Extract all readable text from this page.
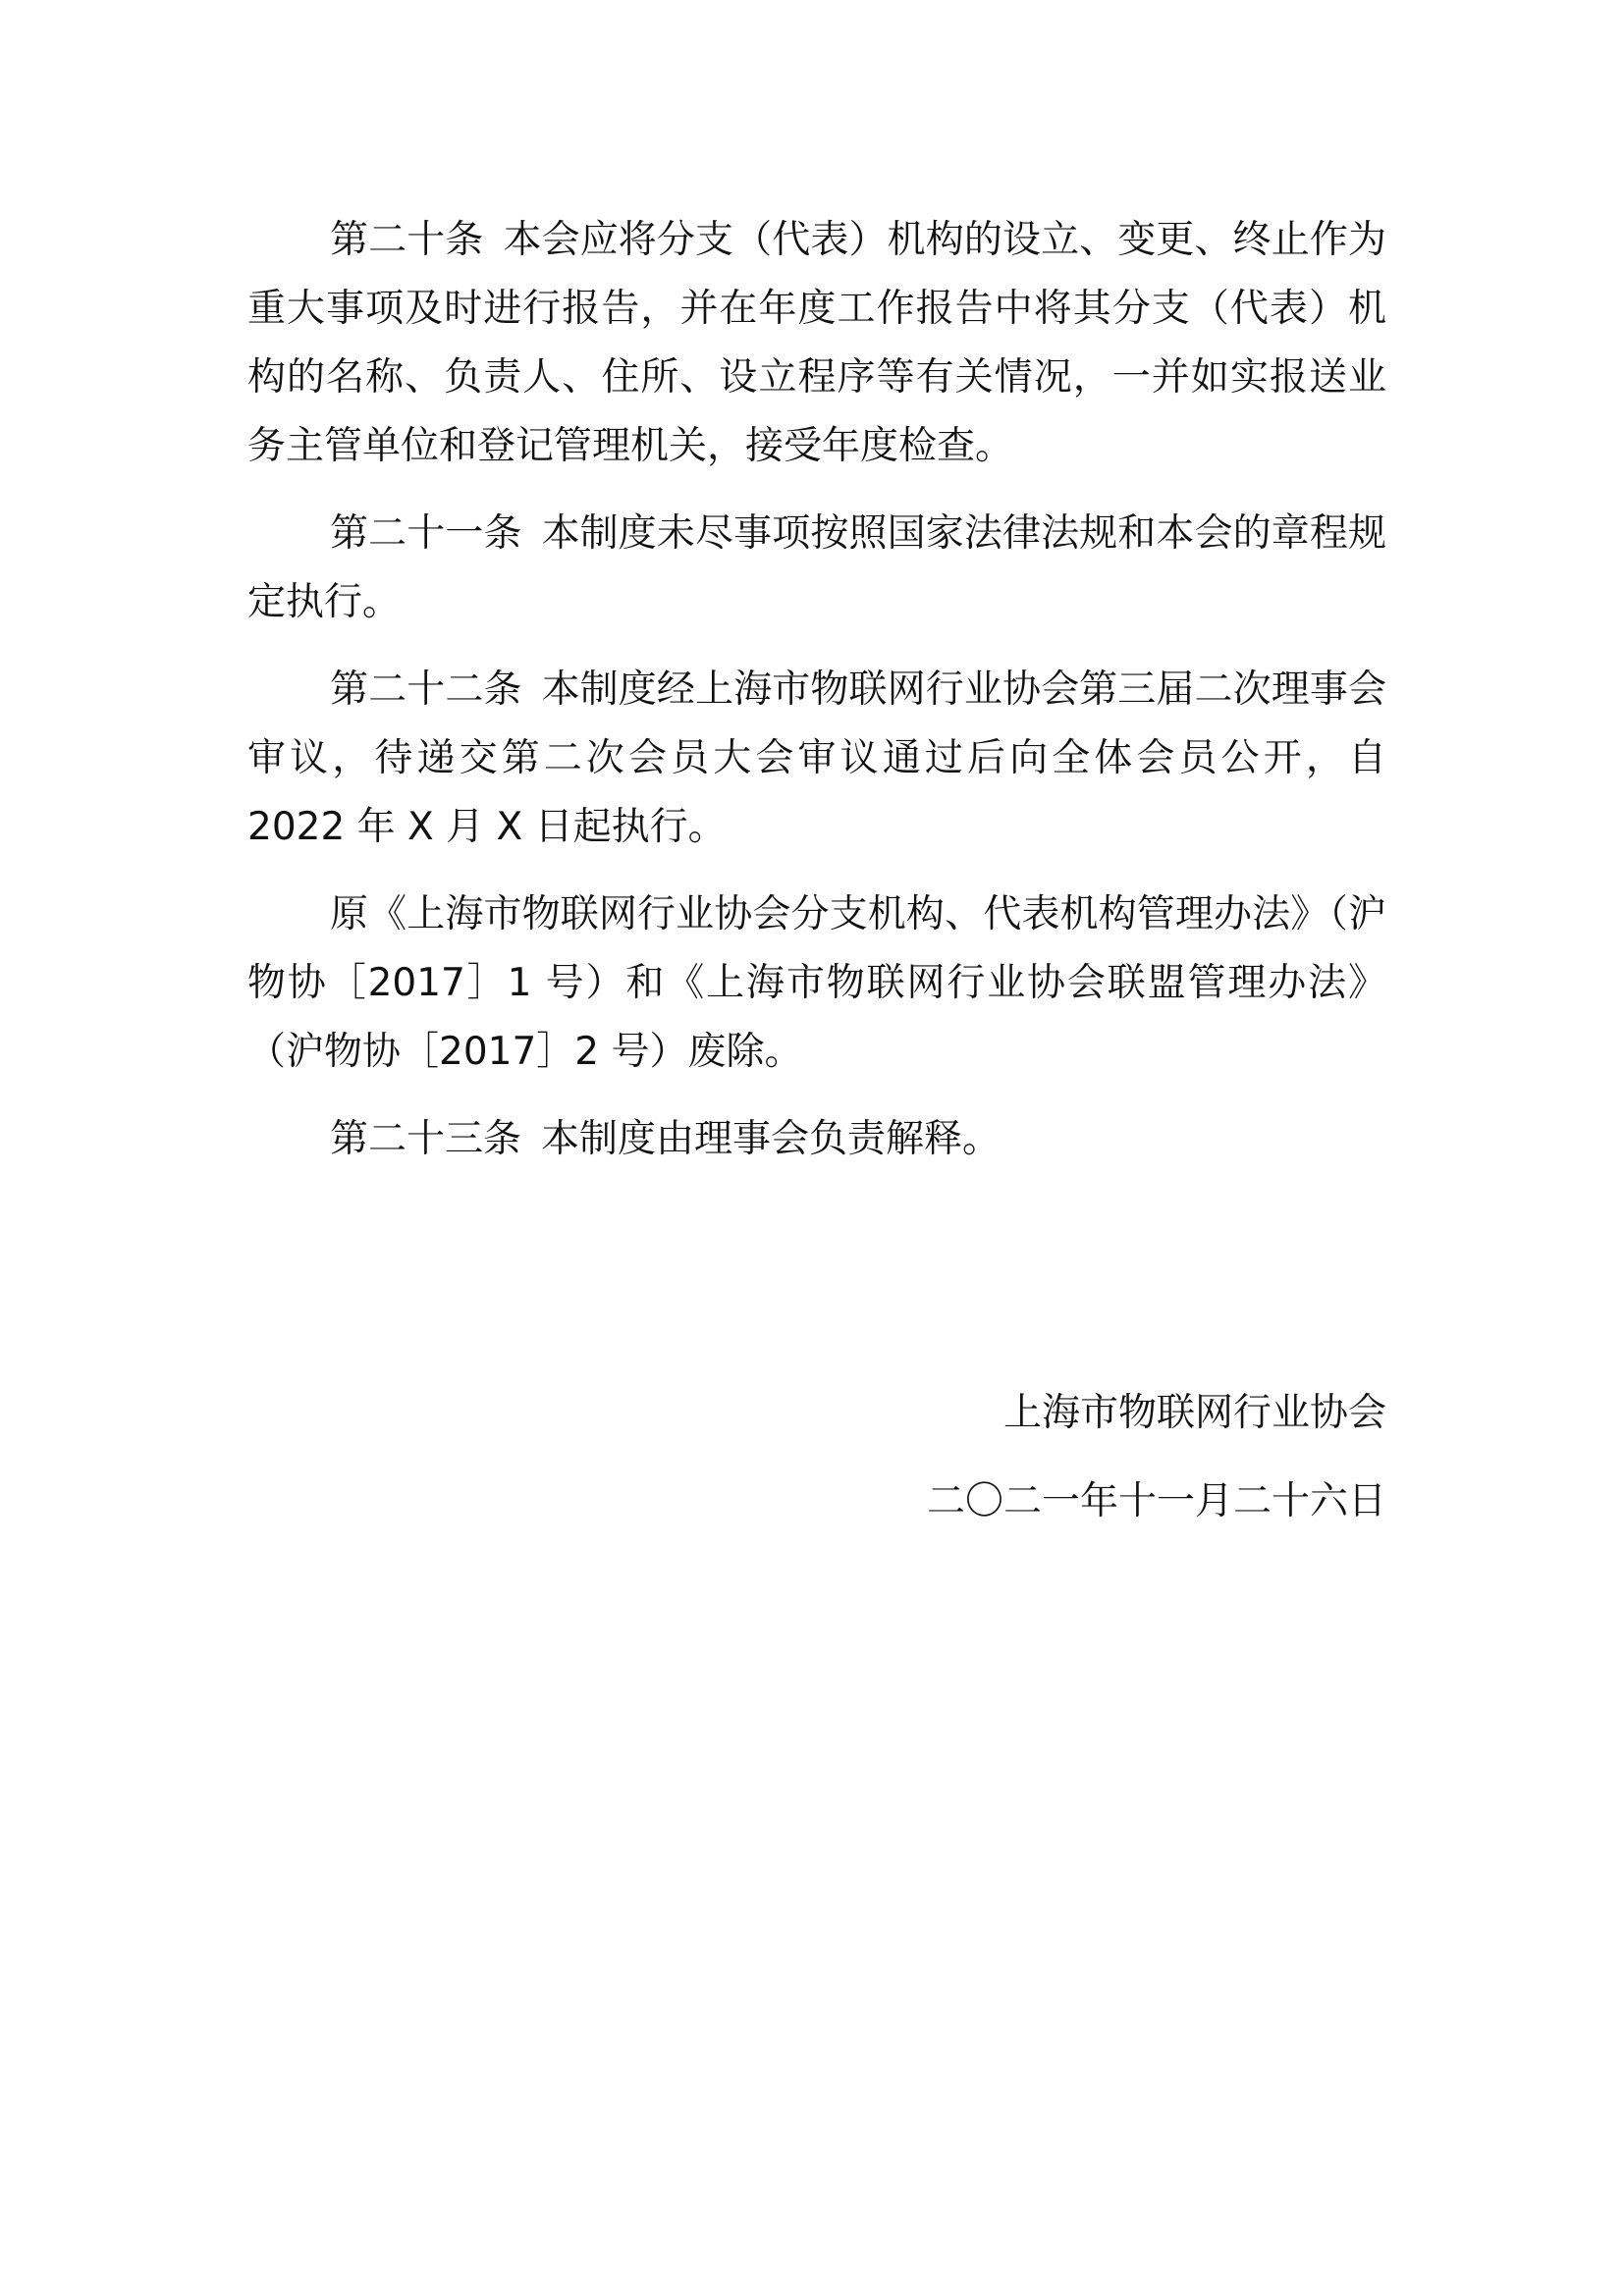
第二十条 本会应将分支（代表）机构的设立、变更、终止作为重大事项及时进行报告，并在年度工作报告中将其分支（代表）机构的名称、负责人、住所、设立程序等有关情况，一并如实报送业务主管单位和登记管理机关，接受年度检查。

第二十一条 本制度未尽事项按照国家法律法规和本会的章程规定执行。

第二十二条 本制度经上海市物联网行业协会第三届二次理事会审议，待递交第二次会员大会审议通过后向全体会员公开，自 2022 年 X 月 X 日起执行。

原《上海市物联网行业协会分支机构、代表机构管理办法》（沪物协［2017］1 号）和《上海市物联网行业协会联盟管理办法》（沪物协［2017］2 号）废除。

第二十三条 本制度由理事会负责解释。

上海市物联网行业协会
二〇二一年十一月二十六日
